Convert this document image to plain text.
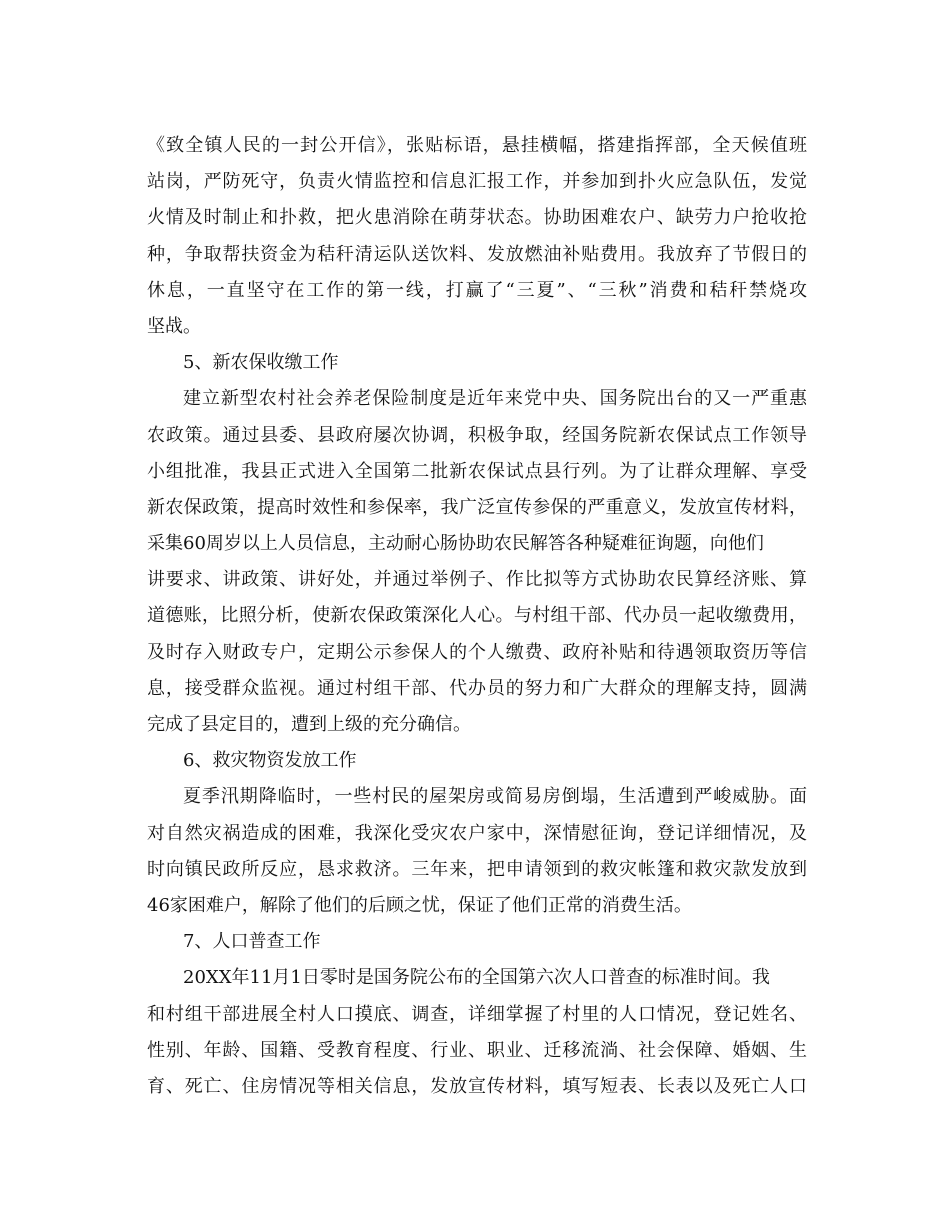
《致全镇人民的一封公开信》，张贴标语，悬挂横幅，搭建指挥部，全天候值班
站岗，严防死守，负责火情监控和信息汇报工作，并参加到扑火应急队伍，发觉
火情及时制止和扑救，把火患消除在萌芽状态。协助困难农户、缺劳力户抢收抢
种，争取帮扶资金为秸秆清运队送饮料、发放燃油补贴费用。我放弃了节假日的
休息，一直坚守在工作的第一线，打赢了“三夏”、“三秋”消费和秸秆禁烧攻
坚战。
5、新农保收缴工作
建立新型农村社会养老保险制度是近年来党中央、国务院出台的又一严重惠
农政策。通过县委、县政府屡次协调，积极争取，经国务院新农保试点工作领导
小组批准，我县正式进入全国第二批新农保试点县行列。为了让群众理解、享受
新农保政策，提高时效性和参保率，我广泛宣传参保的严重意义，发放宣传材料，
采集60周岁以上人员信息，主动耐心肠协助农民解答各种疑难征询题，向他们
讲要求、讲政策、讲好处，并通过举例子、作比拟等方式协助农民算经济账、算
道德账，比照分析，使新农保政策深化人心。与村组干部、代办员一起收缴费用，
及时存入财政专户，定期公示参保人的个人缴费、政府补贴和待遇领取资历等信
息，接受群众监视。通过村组干部、代办员的努力和广大群众的理解支持，圆满
完成了县定目的，遭到上级的充分确信。
6、救灾物资发放工作
夏季汛期降临时，一些村民的屋架房或简易房倒塌，生活遭到严峻威胁。面
对自然灾祸造成的困难，我深化受灾农户家中，深情慰征询，登记详细情况，及
时向镇民政所反应，恳求救济。三年来，把申请领到的救灾帐篷和救灾款发放到
46家困难户，解除了他们的后顾之忧，保证了他们正常的消费生活。
7、人口普查工作
20XX年11月1日零时是国务院公布的全国第六次人口普查的标准时间。我
和村组干部进展全村人口摸底、调查，详细掌握了村里的人口情况，登记姓名、
性别、年龄、国籍、受教育程度、行业、职业、迁移流淌、社会保障、婚姻、生
育、死亡、住房情况等相关信息，发放宣传材料，填写短表、长表以及死亡人口
